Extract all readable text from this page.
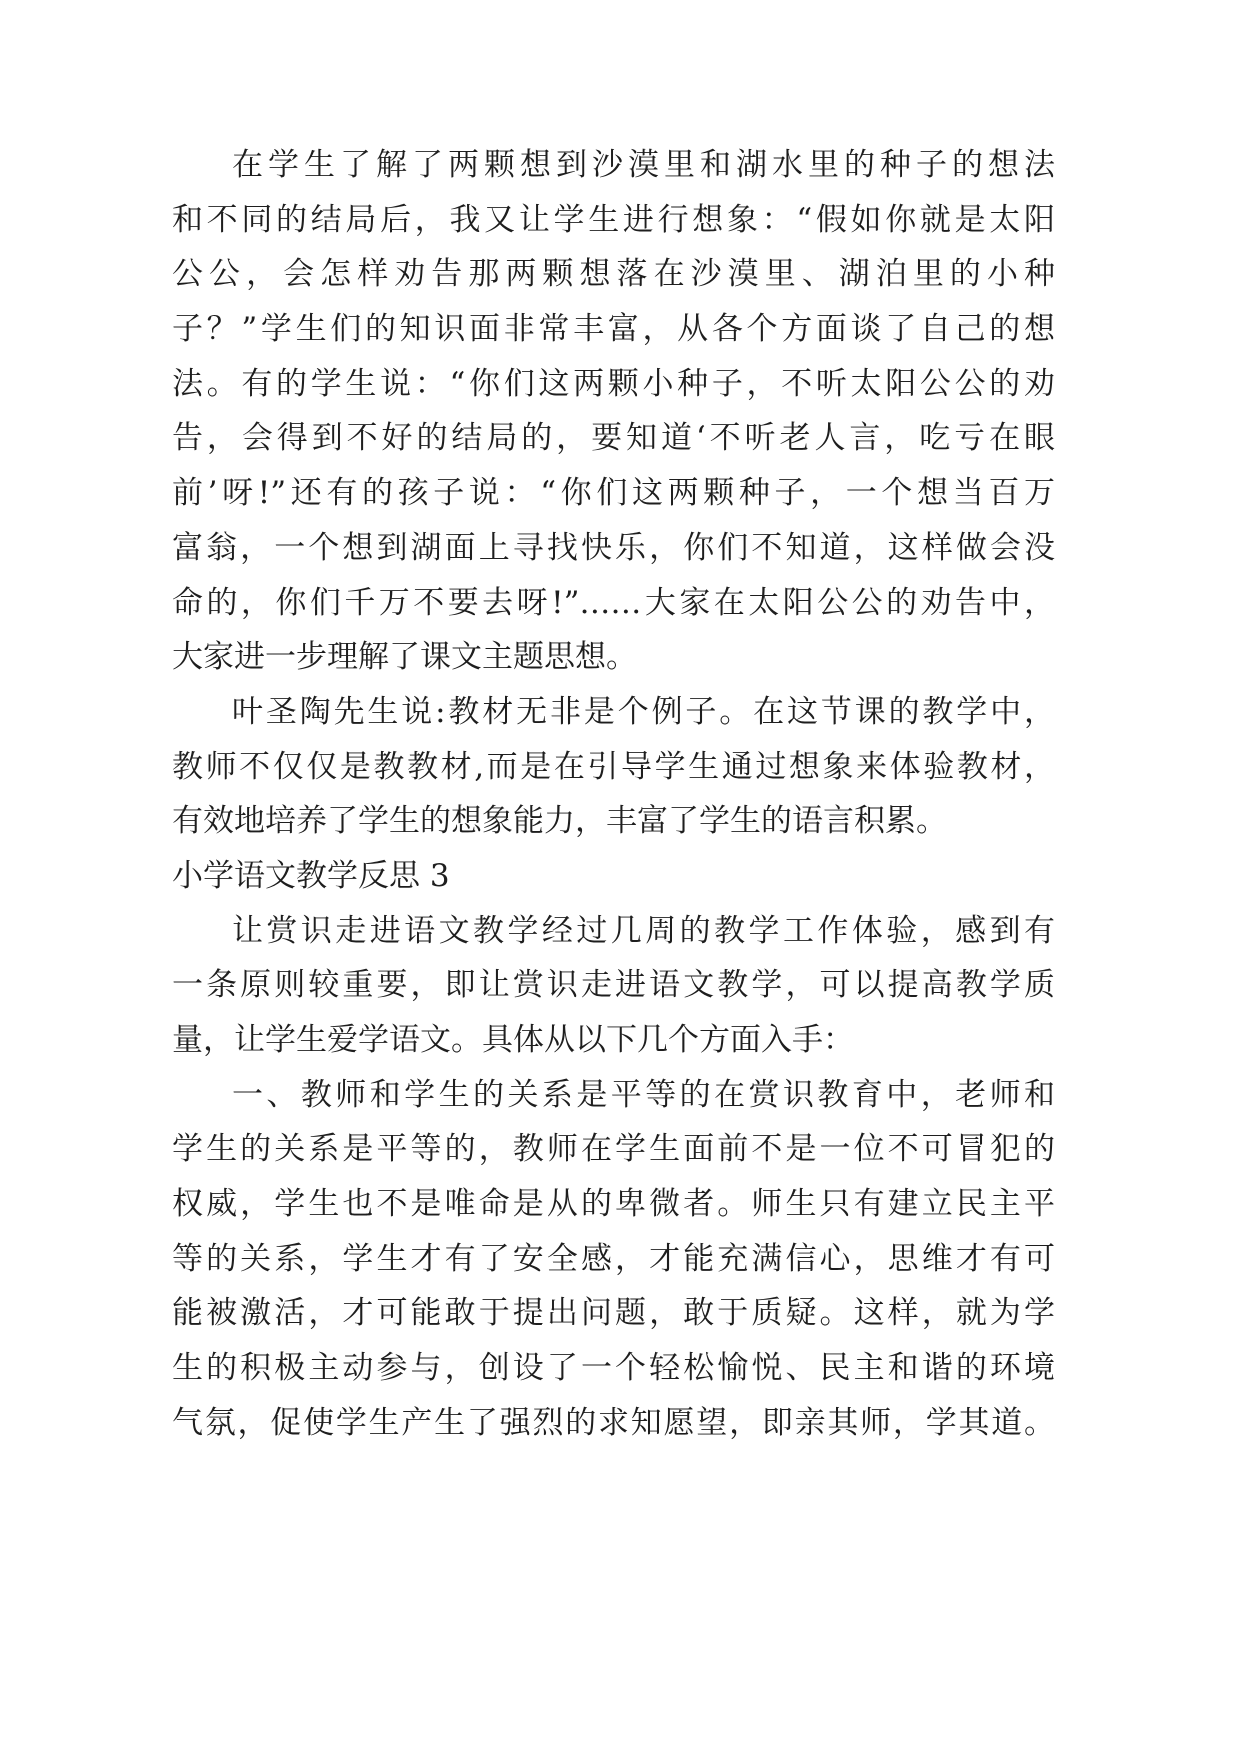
在学生了解了两颗想到沙漠里和湖水里的种子的想法
和不同的结局后，我又让学生进行想象：“假如你就是太阳
公公，会怎样劝告那两颗想落在沙漠里、湖泊里的小种
子？”学生们的知识面非常丰富，从各个方面谈了自己的想
法。有的学生说：“你们这两颗小种子，不听太阳公公的劝
告，会得到不好的结局的，要知道‘不听老人言，吃亏在眼
前’呀!”还有的孩子说：“你们这两颗种子，一个想当百万
富翁，一个想到湖面上寻找快乐，你们不知道，这样做会没
命的，你们千万不要去呀!”……大家在太阳公公的劝告中，
大家进一步理解了课文主题思想。
叶圣陶先生说:教材无非是个例子。在这节课的教学中，
教师不仅仅是教教材,而是在引导学生通过想象来体验教材，
有效地培养了学生的想象能力，丰富了学生的语言积累。
小学语文教学反思 3
让赏识走进语文教学经过几周的教学工作体验，感到有
一条原则较重要，即让赏识走进语文教学，可以提高教学质
量，让学生爱学语文。具体从以下几个方面入手：
一、教师和学生的关系是平等的在赏识教育中，老师和
学生的关系是平等的，教师在学生面前不是一位不可冒犯的
权威，学生也不是唯命是从的卑微者。师生只有建立民主平
等的关系，学生才有了安全感，才能充满信心，思维才有可
能被激活，才可能敢于提出问题，敢于质疑。这样，就为学
生的积极主动参与，创设了一个轻松愉悦、民主和谐的环境
气氛，促使学生产生了强烈的求知愿望，即亲其师，学其道。
